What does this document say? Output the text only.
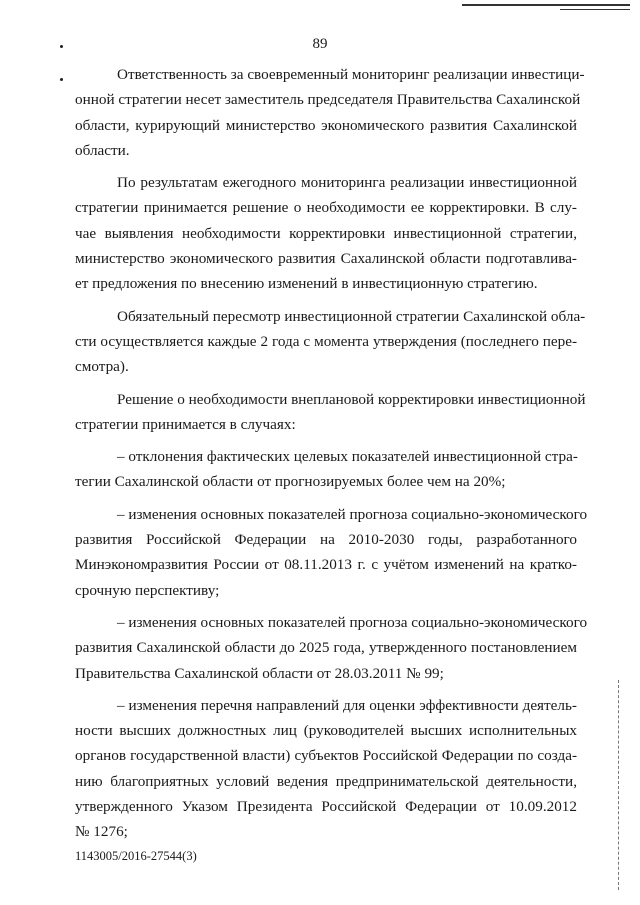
89

Ответственность за своевременный мониторинг реализации инвестици-
онной стратегии несет заместитель председателя Правительства Сахалинской
области, курирующий министерство экономического развития Сахалинской
области.

По результатам ежегодного мониторинга реализации инвестиционной
стратегии принимается решение о необходимости ее корректировки. В слу-
чае выявления необходимости корректировки инвестиционной стратегии,
министерство экономического развития Сахалинской области подготавлива-
ет предложения по внесению изменений в инвестиционную стратегию.

Обязательный пересмотр инвестиционной стратегии Сахалинской обла-
сти осуществляется каждые 2 года с момента утверждения (последнего пере-
смотра).

Решение о необходимости внеплановой корректировки инвестиционной
стратегии принимается в случаях:

– отклонения фактических целевых показателей инвестиционной стра-
тегии Сахалинской области от прогнозируемых более чем на 20%;

– изменения основных показателей прогноза социально-экономического
развития Российской Федерации на 2010-2030 годы, разработанного
Минэкономразвития России от 08.11.2013 г. с учётом изменений на кратко-
срочную перспективу;

– изменения основных показателей прогноза социально-экономического
развития Сахалинской области до 2025 года, утвержденного постановлением
Правительства Сахалинской области от 28.03.2011 № 99;

– изменения перечня направлений для оценки эффективности деятель-
ности высших должностных лиц (руководителей высших исполнительных
органов государственной власти) субъектов Российской Федерации по созда-
нию благоприятных условий ведения предпринимательской деятельности,
утвержденного Указом Президента Российской Федерации от 10.09.2012
№ 1276;

1143005/2016-27544(3)
